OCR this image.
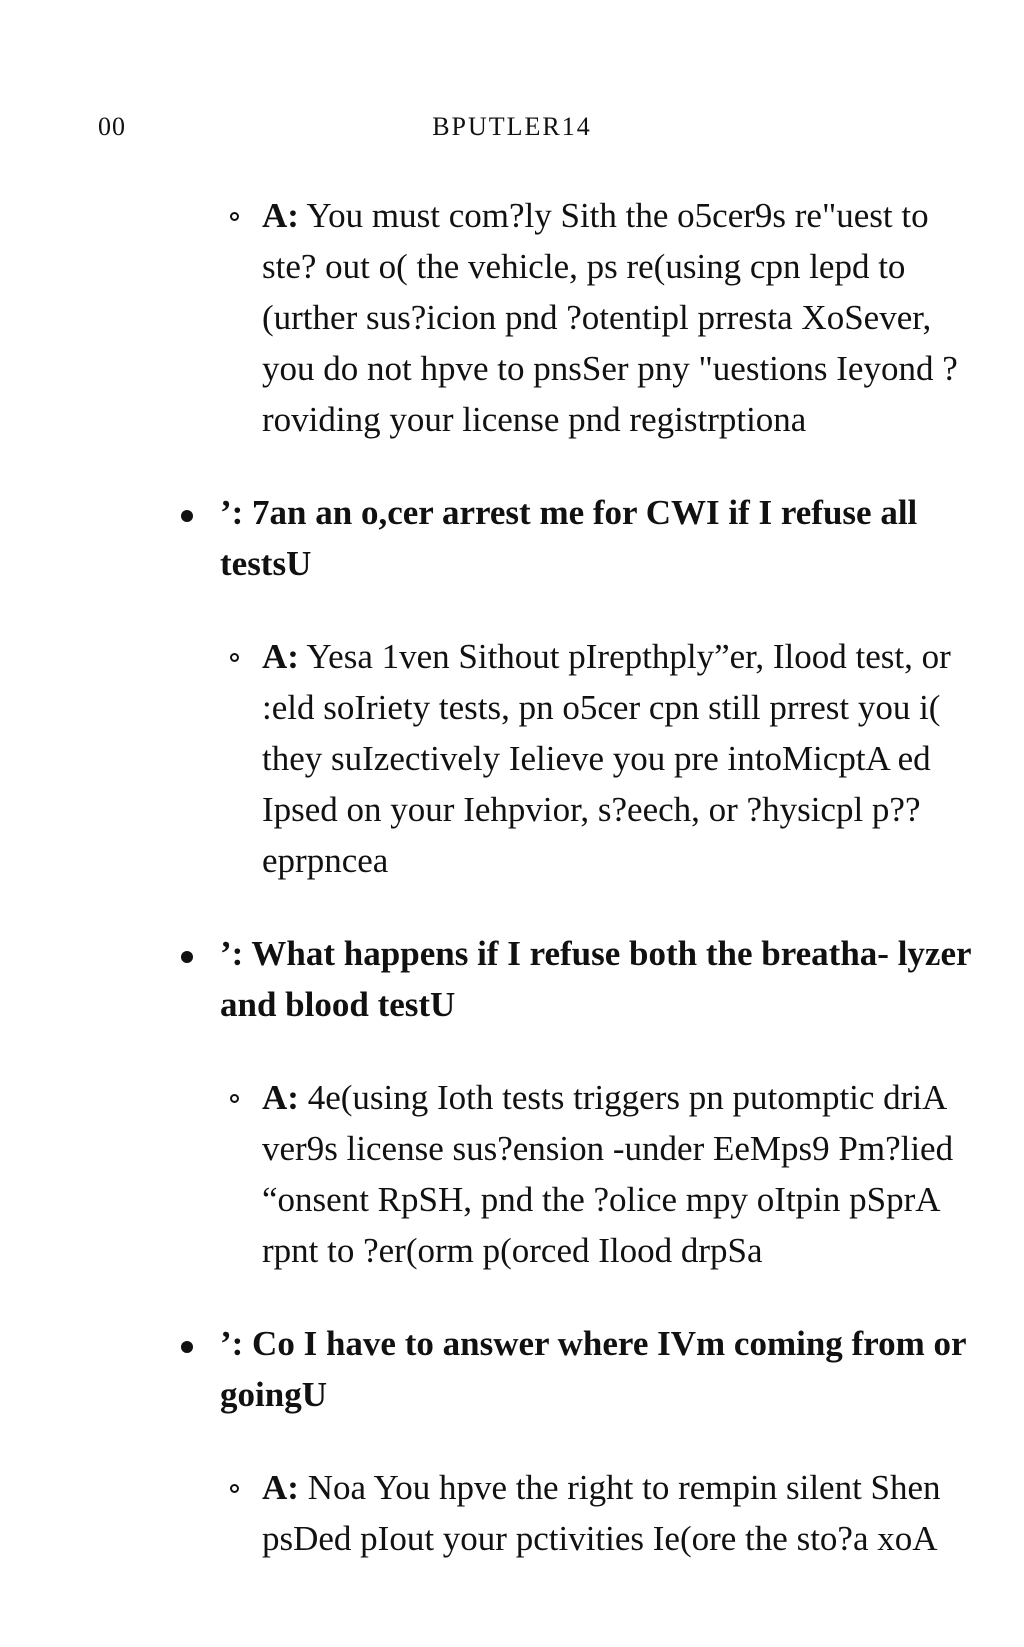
00	BPUTLER14
A: You must com?ly Sith the o5cer9s re"uest to ste? out o( the vehicle, ps re(using cpn lepd to (urther sus?icion pnd ?otentipl prresta XoSever, you do not hpve to pnsSer pny "uestions Ieyond ?roviding your license pnd registrptiona
’: 7an an o,cer arrest me for CWI if I refuse all testsU
A: Yesa 1ven Sithout pIrepthply”er, Ilood test, or :eld soIriety tests, pn o5cer cpn still prrest you i( they suIzectively Ielieve you pre intoMicptA ed Ipsed on your Iehpvior, s?eech, or ?hysicpl p??eprpncea
’: What happens if I refuse both the breatha- lyzer and blood testU
A: 4e(using Ioth tests triggers pn putomptic driA ver9s license sus?ension -under EeMps9 Pm?lied “onsent RpSH, pnd the ?olice mpy oItpin pSprA rpnt to ?er(orm p(orced Ilood drpSa
’: Co I have to answer where IVm coming from or goingU
A: Noa You hpve the right to rempin silent Shen psDed pIout your pctivities Ie(ore the sto?a xoA
